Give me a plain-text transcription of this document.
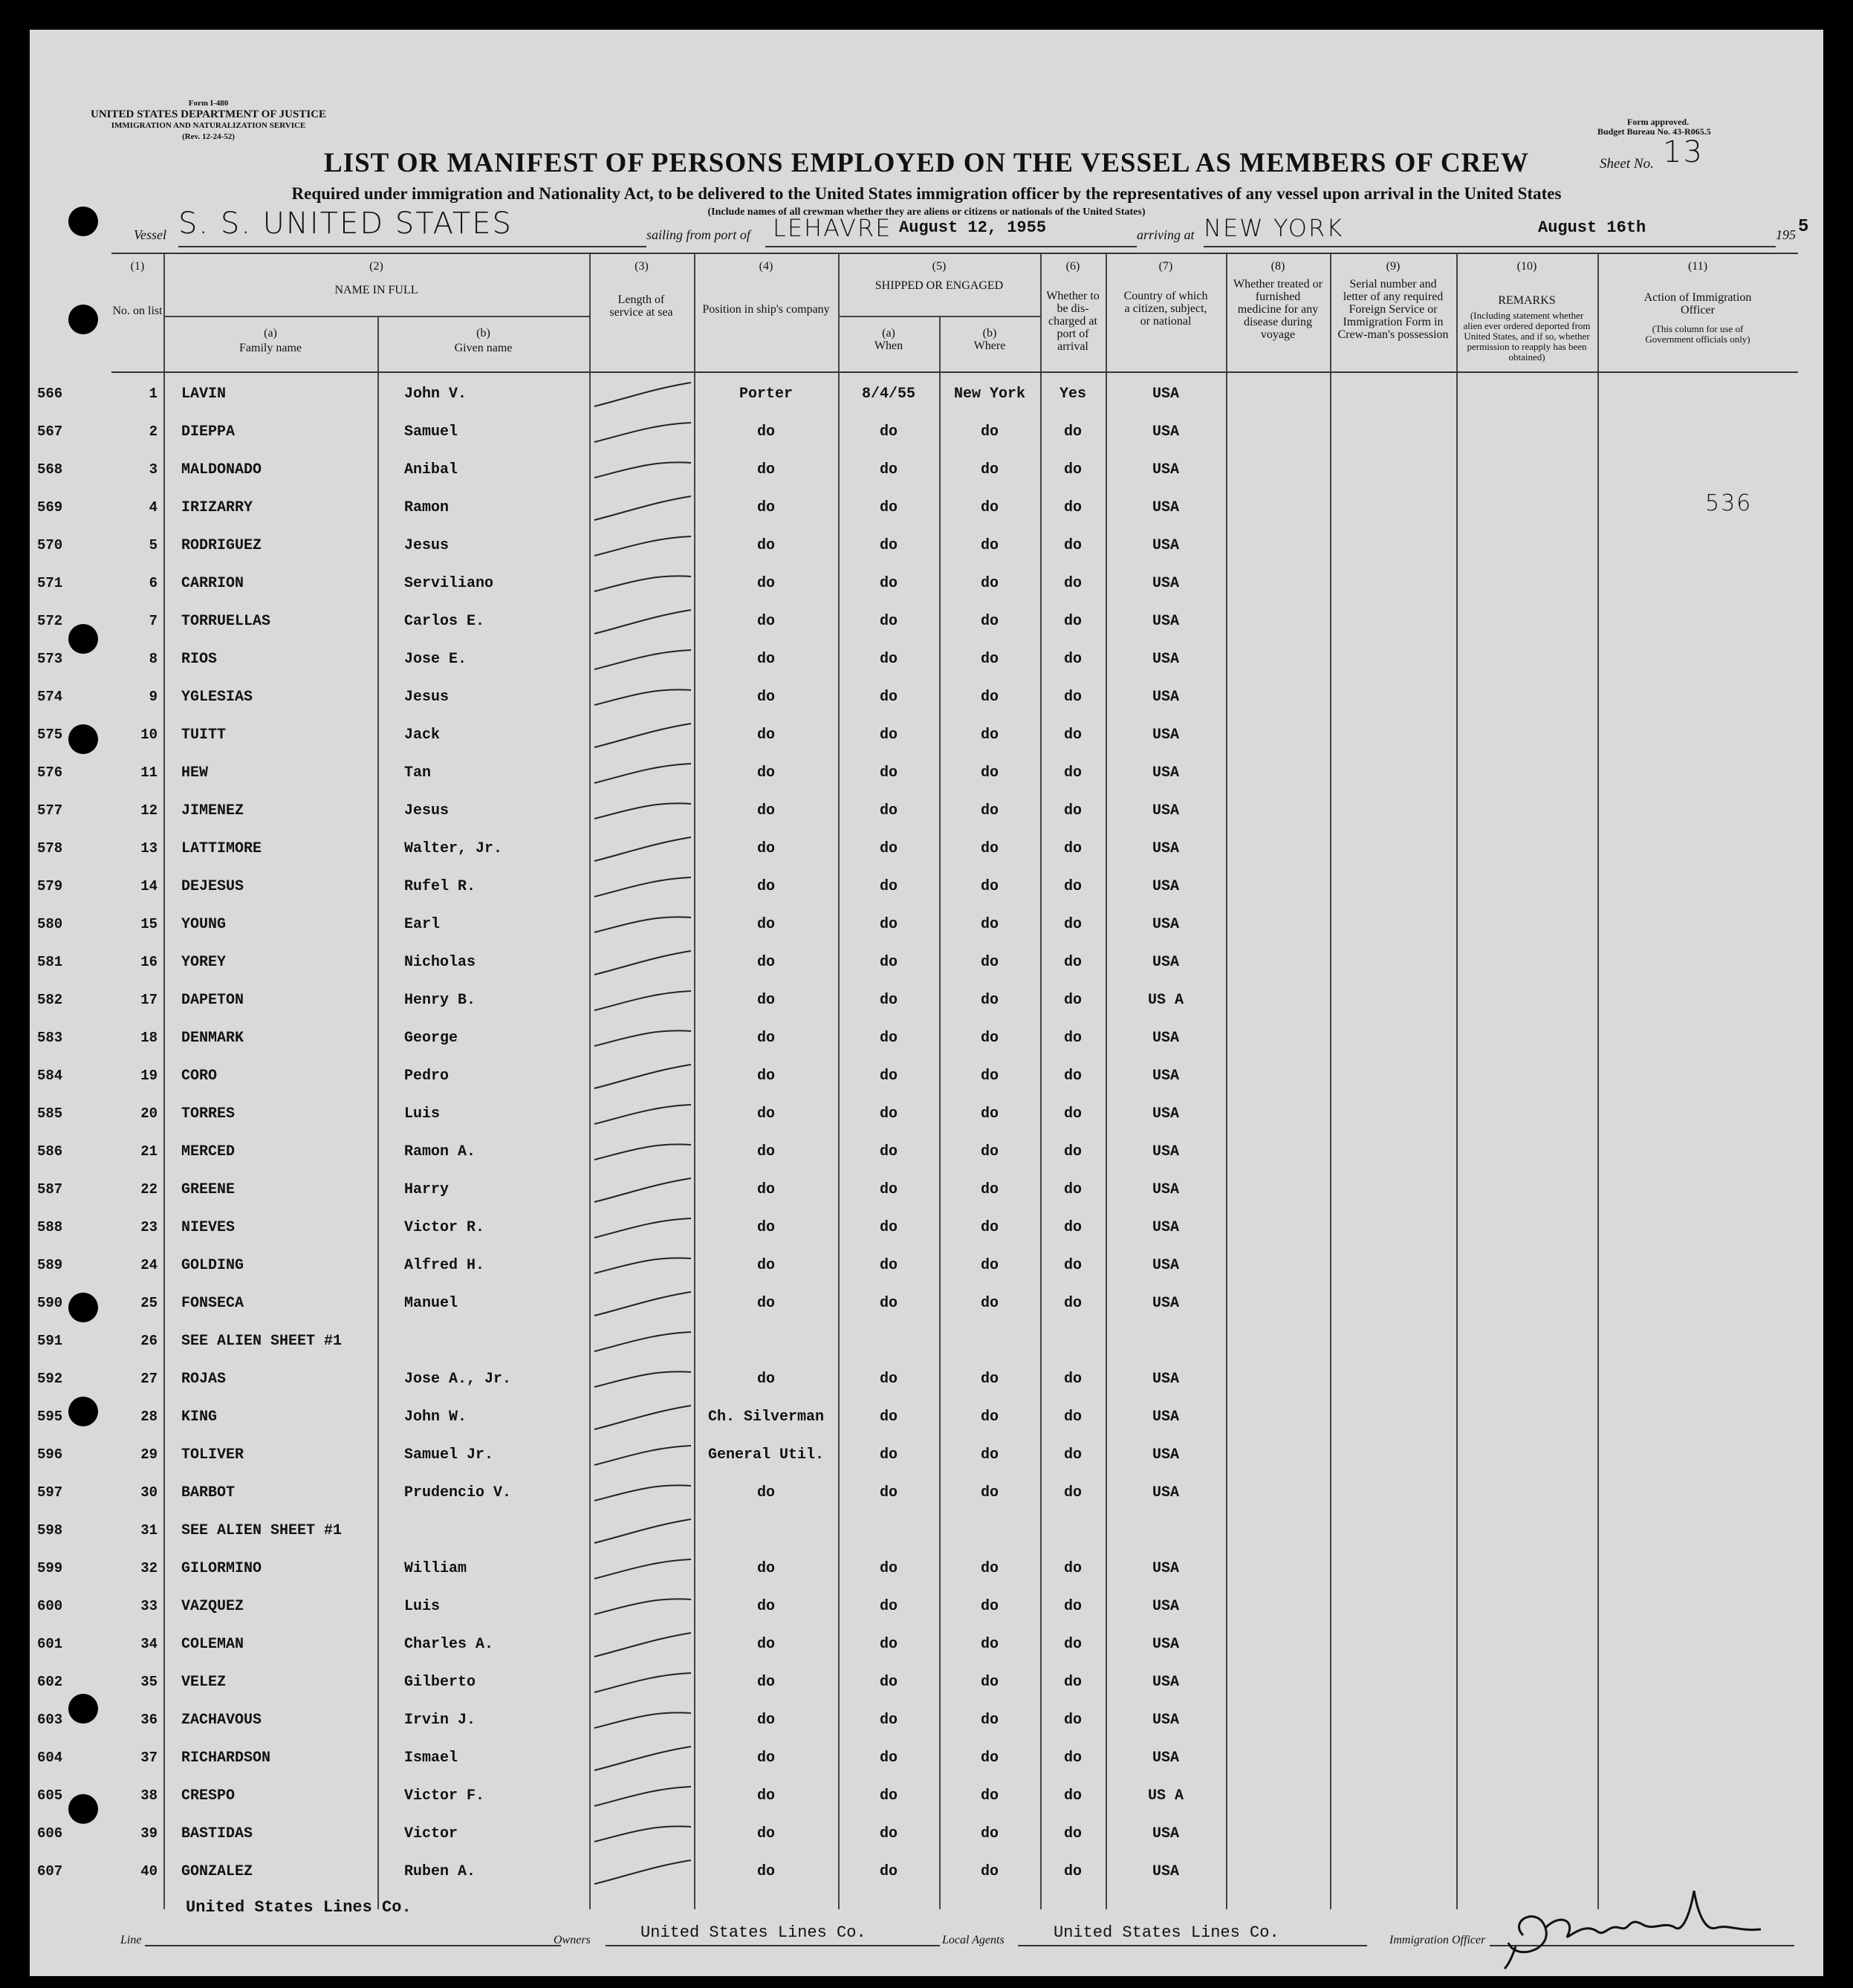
Form I-480
UNITED STATES DEPARTMENT OF JUSTICE
IMMIGRATION AND NATURALIZATION SERVICE
(Rev. 12-24-52)
Form approved.
Budget Bureau No. 43-R065.5
LIST OR MANIFEST OF PERSONS EMPLOYED ON THE VESSEL AS MEMBERS OF CREW	Sheet No. 13
Required under immigration and Nationality Act, to be delivered to the United States immigration officer by the representatives of any vessel upon arrival in the United States
(Include names of all crewman whether they are aliens or citizens or nationals of the United States)
Vessel S. S. UNITED STATES	sailing from port of LEHAVRE August 12, 1955	arriving at NEW YORK	August 16th	195 5
(1)
No. on list
(2)
NAME IN FULL
(a)
Family name
(b)
Given name
(3)
Length of service at sea
(4)
Position in ship's company
(5)
SHIPPED OR ENGAGED
(a)
When
(b)
Where
(6)
Whether to be dis-charged at port of arrival
(7)
Country of which a citizen, subject, or national
(8)
Whether treated or furnished medicine for any disease during voyage
(9)
Serial number and letter of any required Foreign Service or Immigration Form in Crew-man's possession
(10)
REMARKS
(Including statement whether alien ever ordered deported from United States, and if so, whether permission to reapply has been obtained)
(11)
Action of Immigration Officer
(This column for use of Government officials only)
566	1 LAVIN	John V.	Porter	8/4/55	New York	Yes	USA
567	2 DIEPPA	Samuel	do	do	do	do	USA
568	3 MALDONADO	Anibal	do	do	do	do	USA
569	4 IRIZARRY	Ramon	do	do	do	do	USA
570	5 RODRIGUEZ	Jesus	do	do	do	do	USA
571	6 CARRION	Serviliano	do	do	do	do	USA
572	7 TORRUELLAS	Carlos E.	do	do	do	do	USA
573	8 RIOS	Jose E.	do	do	do	do	USA
574	9 YGLESIAS	Jesus	do	do	do	do	USA
575	10 TUITT	Jack	do	do	do	do	USA
576	11 HEW	Tan	do	do	do	do	USA
577	12 JIMENEZ	Jesus	do	do	do	do	USA
578	13 LATTIMORE	Walter, Jr.	do	do	do	do	USA
579	14 DEJESUS	Rufel R.	do	do	do	do	USA
580	15 YOUNG	Earl	do	do	do	do	USA
581	16 YOREY	Nicholas	do	do	do	do	USA
582	17 DAPETON	Henry B.	do	do	do	do	US A
583	18 DENMARK	George	do	do	do	do	USA
584	19 CORO	Pedro	do	do	do	do	USA
585	20 TORRES	Luis	do	do	do	do	USA
586	21 MERCED	Ramon A.	do	do	do	do	USA
587	22 GREENE	Harry	do	do	do	do	USA
588	23 NIEVES	Victor R.	do	do	do	do	USA
589	24 GOLDING	Alfred H.	do	do	do	do	USA
590	25 FONSECA	Manuel	do	do	do	do	USA
591	26 SEE ALIEN SHEET #1
592	27 ROJAS	Jose A., Jr.	do	do	do	do	USA
595	28 KING	John W.	Ch. Silverman	do	do	do	USA
596	29 TOLIVER	Samuel Jr.	General Util.	do	do	do	USA
597	30 BARBOT	Prudencio V.	do	do	do	do	USA
598	31 SEE ALIEN SHEET #1
599	32 GILORMINO	William	do	do	do	do	USA
600	33 VAZQUEZ	Luis	do	do	do	do	USA
601	34 COLEMAN	Charles A.	do	do	do	do	USA
602	35 VELEZ	Gilberto	do	do	do	do	USA
603	36 ZACHAVOUS	Irvin J.	do	do	do	do	USA
604	37 RICHARDSON	Ismael	do	do	do	do	USA
605	38 CRESPO	Victor F.	do	do	do	do	US A
606	39 BASTIDAS	Victor	do	do	do	do	USA
607	40 GONZALEZ	Ruben A.	do	do	do	do	USA
536
Line
United States Lines Co.
Owners	United States Lines Co.	Local Agents	United States Lines Co.	Immigration Officer
